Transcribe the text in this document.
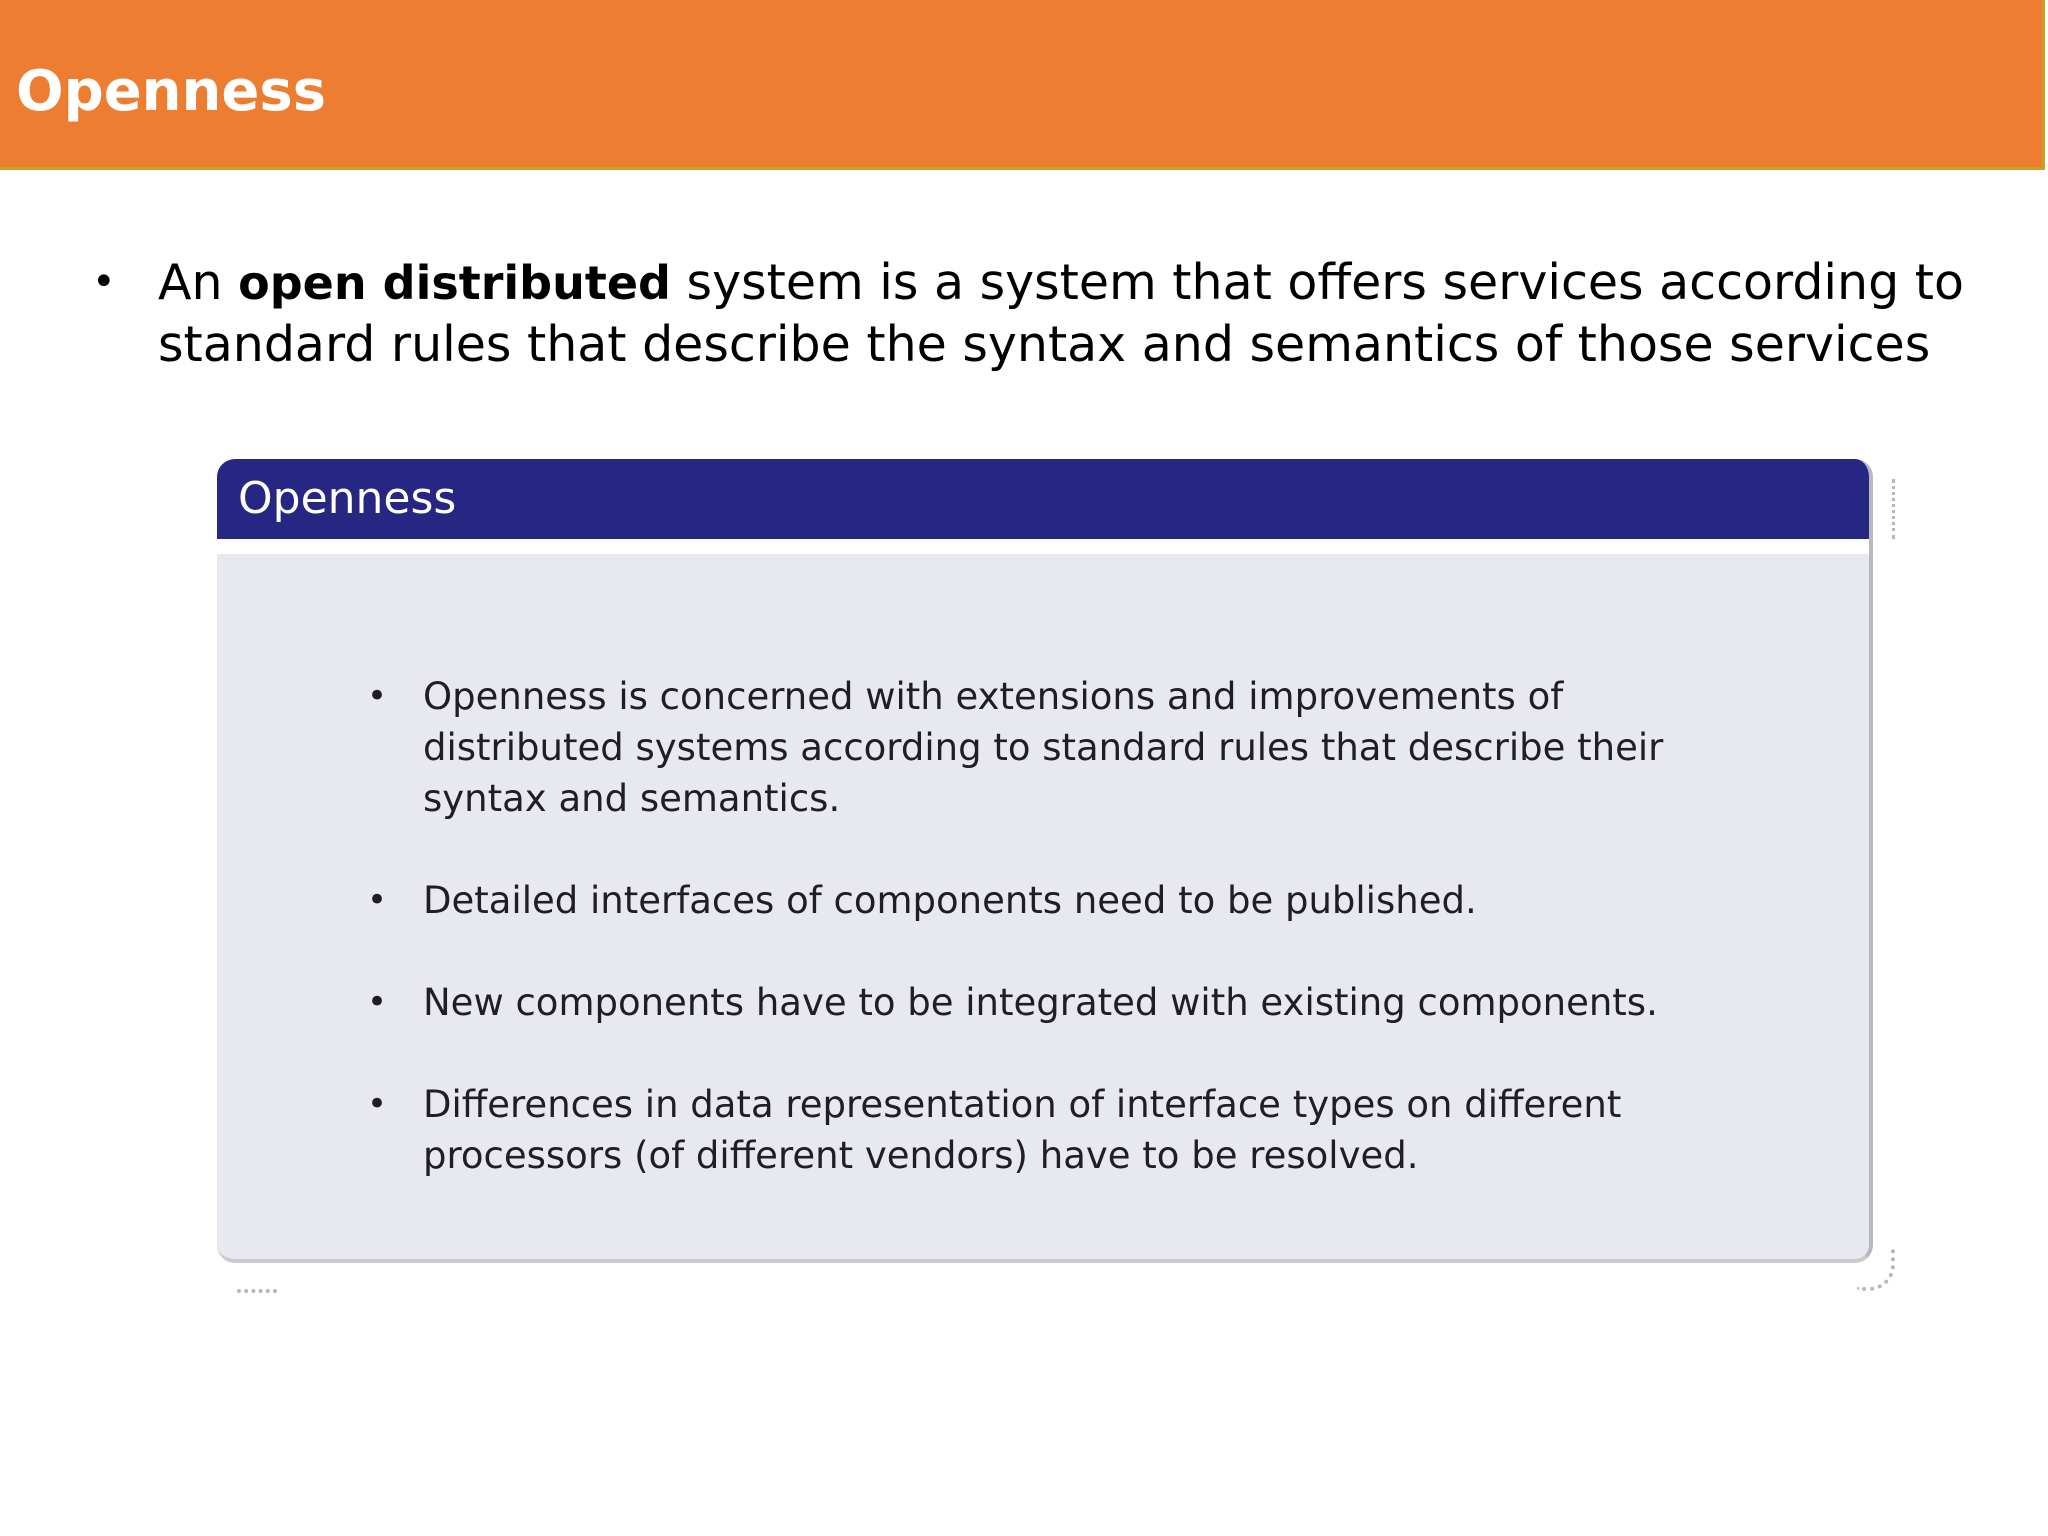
Openness
• An open distributed system is a system that offers services according to standard rules that describe the syntax and semantics of those services
Openness
• Openness is concerned with extensions and improvements of distributed systems according to standard rules that describe their syntax and semantics.
• Detailed interfaces of components need to be published.
• New components have to be integrated with existing components.
• Differences in data representation of interface types on different processors (of different vendors) have to be resolved.
